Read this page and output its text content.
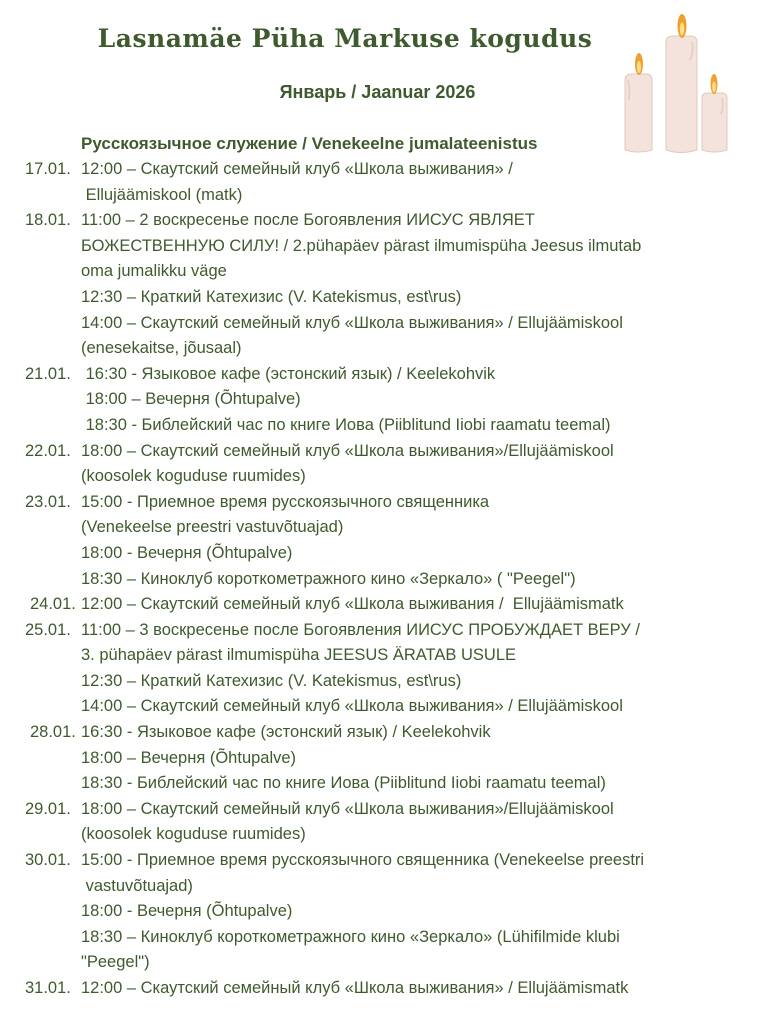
Lasnamäe Püha Markuse kogudus
Январь / Jaanuar 2026
Русскоязычное служение / Venekeelne jumalateenistus
17.01. 12:00 – Скаутский семейный клуб «Школа выживания» /
Ellujäämiskool (matk)
18.01. 11:00 – 2 воскресенье после Богоявления ИИСУС ЯВЛЯЕТ
БОЖЕСТВЕННУЮ СИЛУ! / 2.pühapäev pärast ilmumispüha Jeesus ilmutab
oma jumalikku väge
12:30 – Краткий Катехизис (V. Katekismus, est\rus)
14:00 – Скаутский семейный клуб «Школа выживания» / Ellujäämiskool
(enesekaitse, jõusaal)
21.01. 16:30 - Языковое кафе (эстонский язык) / Keelekohvik
18:00 – Вечерня (Õhtupalve)
18:30 - Библейский час по книге Иова (Piiblitund Iiobi raamatu teemal)
22.01. 18:00 – Скаутский семейный клуб «Школа выживания»/Ellujäämiskool
(koosolek koguduse ruumides)
23.01. 15:00 - Приемное время русскоязычного священника
(Venekeelse preestri vastuvõtuajad)
18:00 - Вечерня (Õhtupalve)
18:30 – Киноклуб короткометражного кино «Зеркало» ( "Peegel")
24.01. 12:00 – Скаутский семейный клуб «Школа выживания /  Ellujäämismatk
25.01. 11:00 – 3 воскресенье после Богоявления ИИСУС ПРОБУЖДАЕТ ВЕРУ /
3. pühapäev pärast ilmumispüha JEESUS ÄRATAB USULE
12:30 – Краткий Катехизис (V. Katekismus, est\rus)
14:00 – Скаутский семейный клуб «Школа выживания» / Ellujäämiskool
28.01. 16:30 - Языковое кафе (эстонский язык) / Keelekohvik
18:00 – Вечерня (Õhtupalve)
18:30 - Библейский час по книге Иова (Piiblitund Iiobi raamatu teemal)
29.01. 18:00 – Скаутский семейный клуб «Школа выживания»/Ellujäämiskool
(koosolek koguduse ruumides)
30.01. 15:00 - Приемное время русскоязычного священника (Venekeelse preestri
vastuvõtuajad)
18:00 - Вечерня (Õhtupalve)
18:30 – Киноклуб короткометражного кино «Зеркало» (Lühifilmide klubi
"Peegel")
31.01. 12:00 – Скаутский семейный клуб «Школа выживания» / Ellujäämismatk
